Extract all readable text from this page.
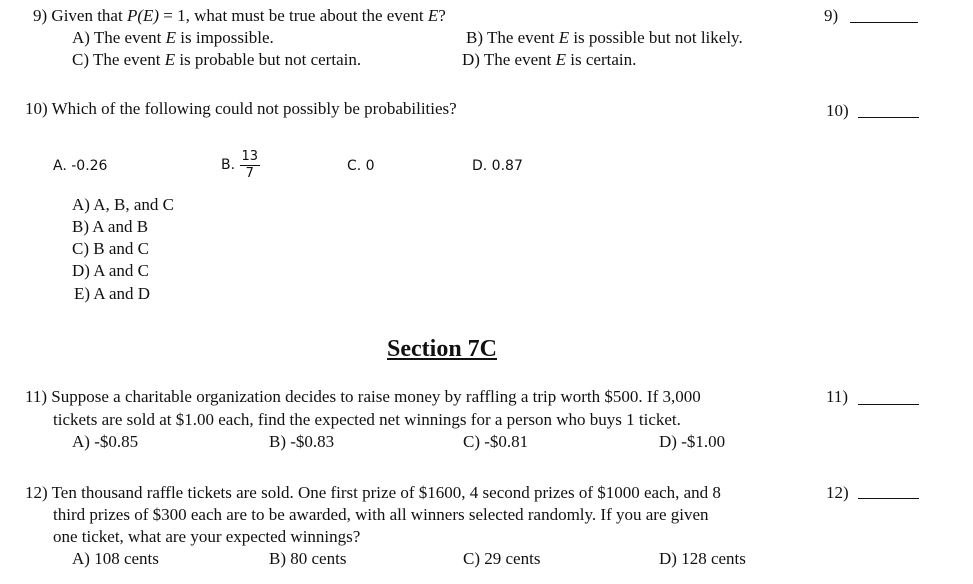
9) Given that P(E) = 1, what must be true about the event E?
A) The event E is impossible.	B) The event E is possible but not likely.
C) The event E is probable but not certain.	D) The event E is certain.
9)
10) Which of the following could not possibly be probabilities?	10)
A. -0.26	B. $\frac{13}{7}$	C. 0	D. 0.87
A) A, B, and C
B) A and B
C) B and C
D) A and C
E) A and D
Section 7C
11) Suppose a charitable organization decides to raise money by raffling a trip worth $500. If 3,000
tickets are sold at $1.00 each, find the expected net winnings for a person who buys 1 ticket.
A) -$0.85	B) -$0.83	C) -$0.81	D) -$1.00
11)
12) Ten thousand raffle tickets are sold. One first prize of $1600, 4 second prizes of $1000 each, and 8
third prizes of $300 each are to be awarded, with all winners selected randomly. If you are given
one ticket, what are your expected winnings?
A) 108 cents	B) 80 cents	C) 29 cents	D) 128 cents
12)
